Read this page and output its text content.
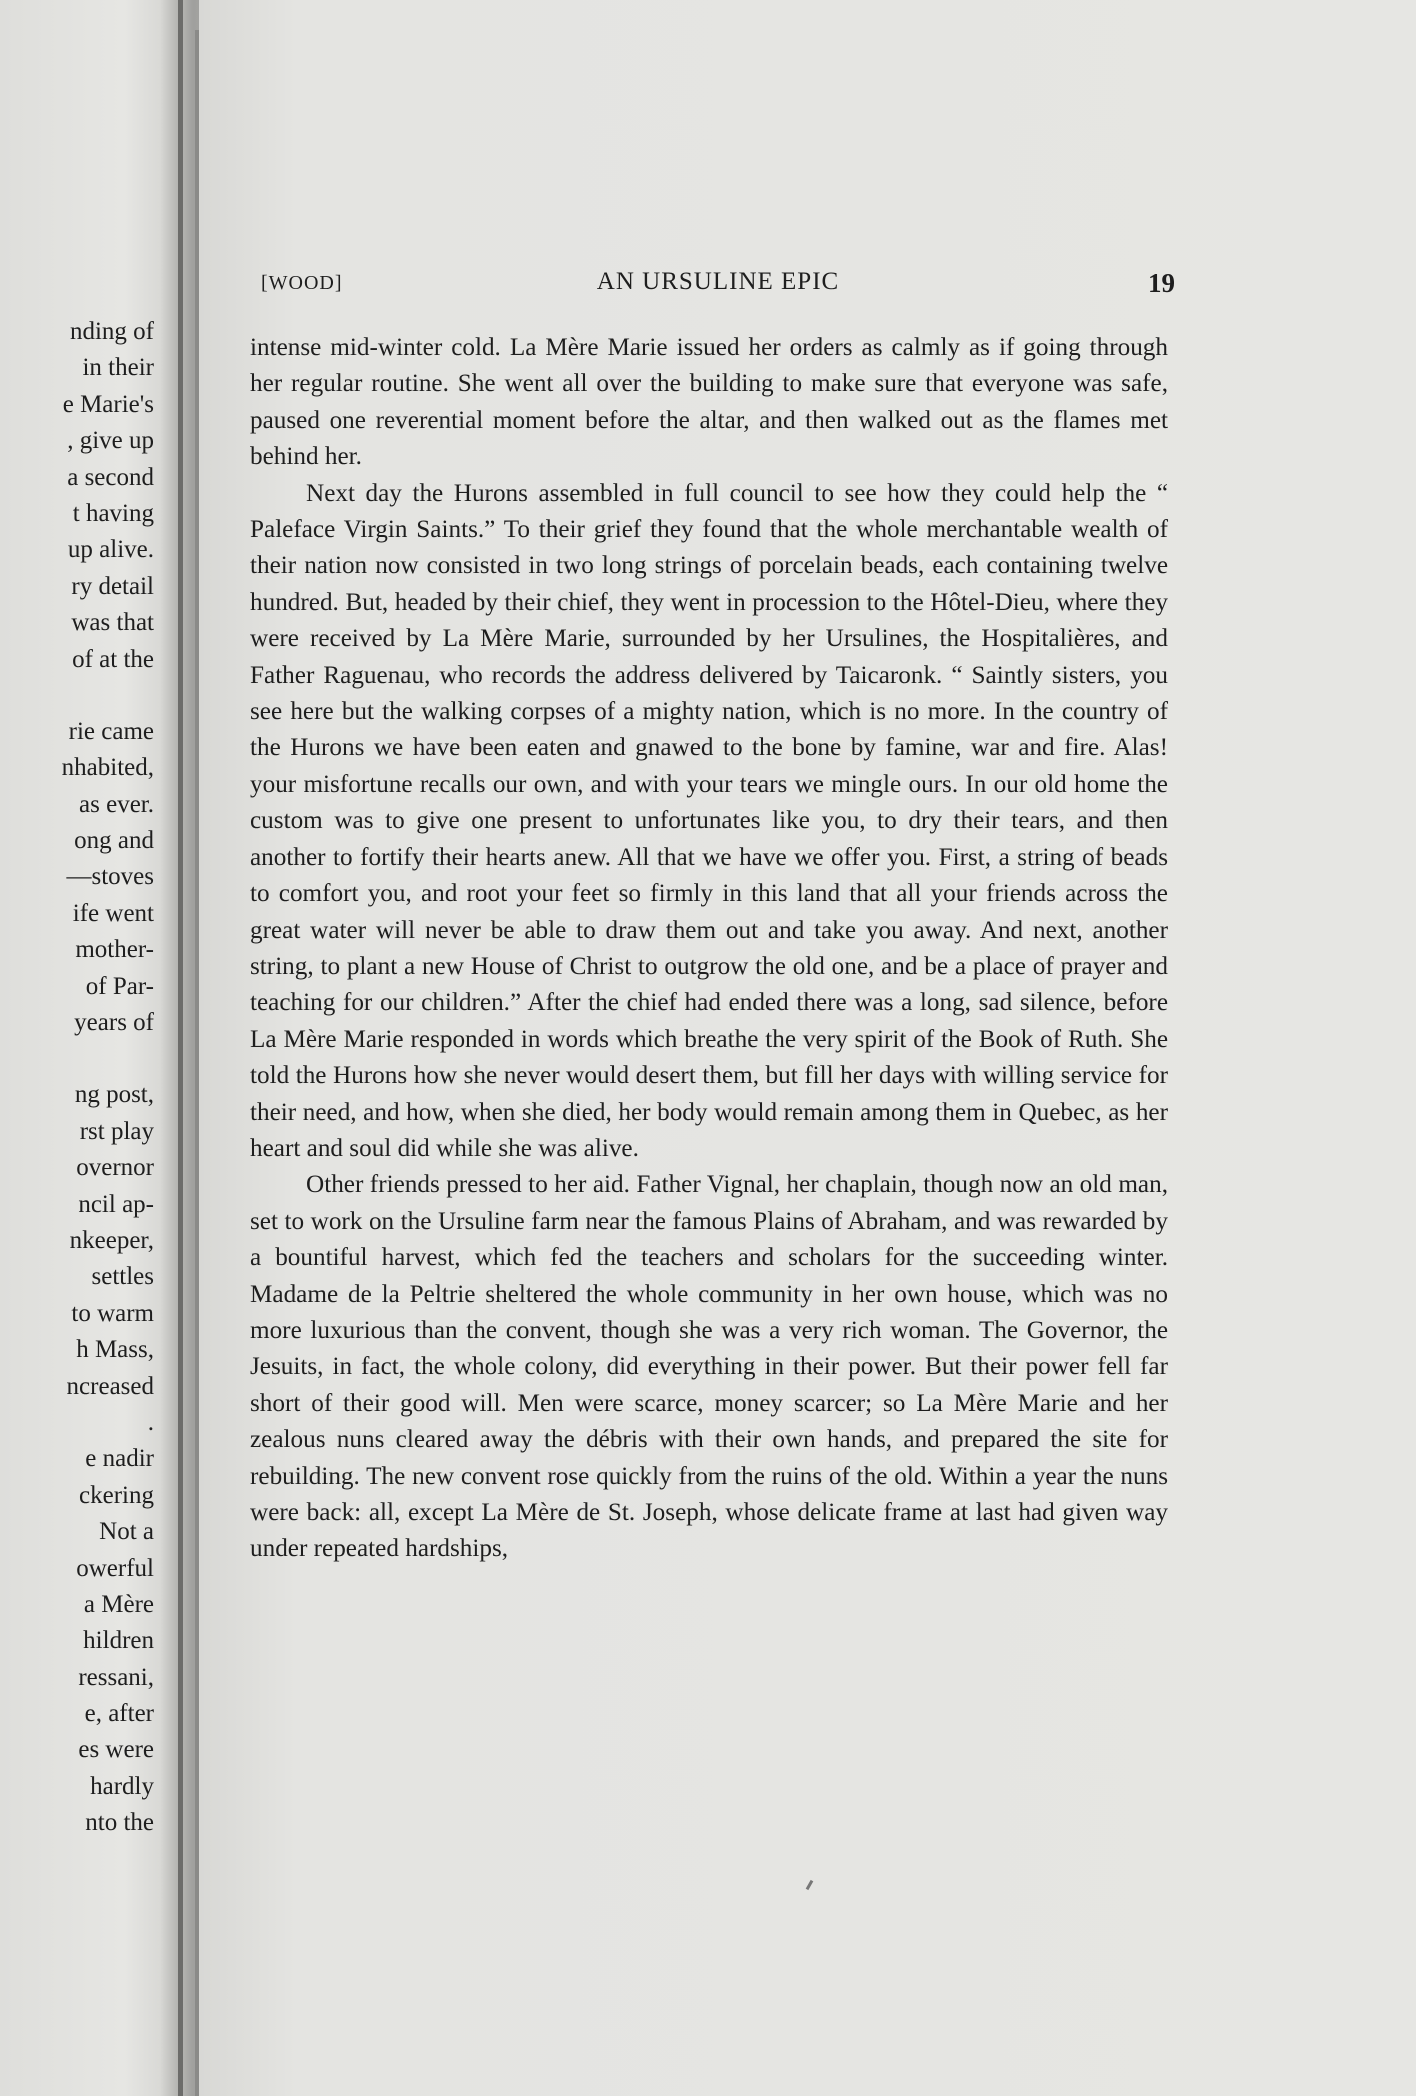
nding of
in their
e Marie's
, give up
a second
t having
up alive.
ry detail
was that
of at the
rie came
nhabited,
as ever.
ong and
—stoves
ife went
mother-
of Par-
years of
ng post,
rst play
overnor
ncil ap-
nkeeper,
settles
to warm
h Mass,
ncreased
.
e nadir
ckering
Not a
owerful
a Mère
hildren
ressani,
e, after
es were
hardly
nto the
[WOOD]	AN URSULINE EPIC	19

intense mid-winter cold. La Mère Marie issued her orders as calmly as if going through her regular routine. She went all over the building to make sure that everyone was safe, paused one reverential moment before the altar, and then walked out as the flames met behind her.

Next day the Hurons assembled in full council to see how they could help the “ Paleface Virgin Saints.” To their grief they found that the whole merchantable wealth of their nation now consisted in two long strings of porcelain beads, each containing twelve hundred. But, headed by their chief, they went in procession to the Hôtel-Dieu, where they were received by La Mère Marie, surrounded by her Ursulines, the Hospitalières, and Father Raguenau, who records the address delivered by Taicaronk. “ Saintly sisters, you see here but the walking corpses of a mighty nation, which is no more. In the country of the Hurons we have been eaten and gnawed to the bone by famine, war and fire. Alas! your misfortune recalls our own, and with your tears we mingle ours. In our old home the custom was to give one present to unfortunates like you, to dry their tears, and then another to fortify their hearts anew. All that we have we offer you. First, a string of beads to comfort you, and root your feet so firmly in this land that all your friends across the great water will never be able to draw them out and take you away. And next, another string, to plant a new House of Christ to outgrow the old one, and be a place of prayer and teaching for our children.” After the chief had ended there was a long, sad silence, before La Mère Marie responded in words which breathe the very spirit of the Book of Ruth. She told the Hurons how she never would desert them, but fill her days with willing service for their need, and how, when she died, her body would remain among them in Quebec, as her heart and soul did while she was alive.

Other friends pressed to her aid. Father Vignal, her chaplain, though now an old man, set to work on the Ursuline farm near the famous Plains of Abraham, and was rewarded by a bountiful harvest, which fed the teachers and scholars for the succeeding winter. Madame de la Peltrie sheltered the whole community in her own house, which was no more luxurious than the convent, though she was a very rich woman. The Governor, the Jesuits, in fact, the whole colony, did everything in their power. But their power fell far short of their good will. Men were scarce, money scarcer; so La Mère Marie and her zealous nuns cleared away the débris with their own hands, and prepared the site for rebuilding. The new convent rose quickly from the ruins of the old. Within a year the nuns were back: all, except La Mère de St. Joseph, whose delicate frame at last had given way under repeated hardships,
